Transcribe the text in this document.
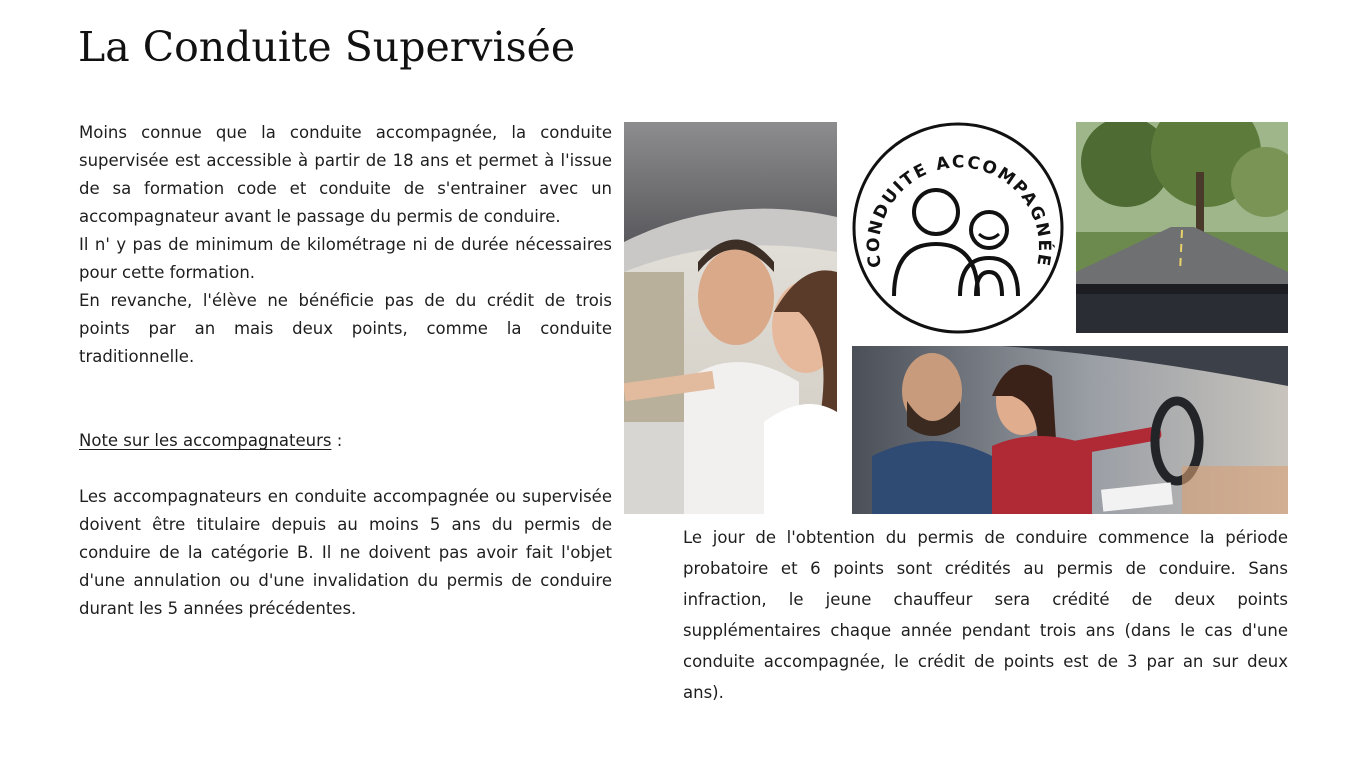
La Conduite Supervisée

Moins connue que la conduite accompagnée, la conduite supervisée est accessible à partir de 18 ans et permet à l'issue de sa formation code et conduite de s'entrainer avec un accompagnateur avant le passage du permis de conduire.

Il n' y pas de minimum de kilométrage ni de durée nécessaires pour cette formation.

En revanche, l'élève ne bénéficie pas de du crédit de trois points par an mais deux points, comme la conduite traditionnelle.

Note sur les accompagnateurs :

Les accompagnateurs en conduite accompagnée ou supervisée doivent être titulaire depuis au moins 5 ans du permis de conduire de la catégorie B. Il ne doivent pas avoir fait l'objet d'une annulation ou d'une invalidation du permis de conduire durant les 5 années précédentes.

CONDUITE ACCOMPAGNÉE

Le jour de l'obtention du permis de conduire commence la période probatoire et 6 points sont crédités au permis de conduire. Sans infraction, le jeune chauffeur sera crédité de deux points supplémentaires chaque année pendant trois ans (dans le cas d'une conduite accompagnée, le crédit de points est de 3 par an sur deux ans).
